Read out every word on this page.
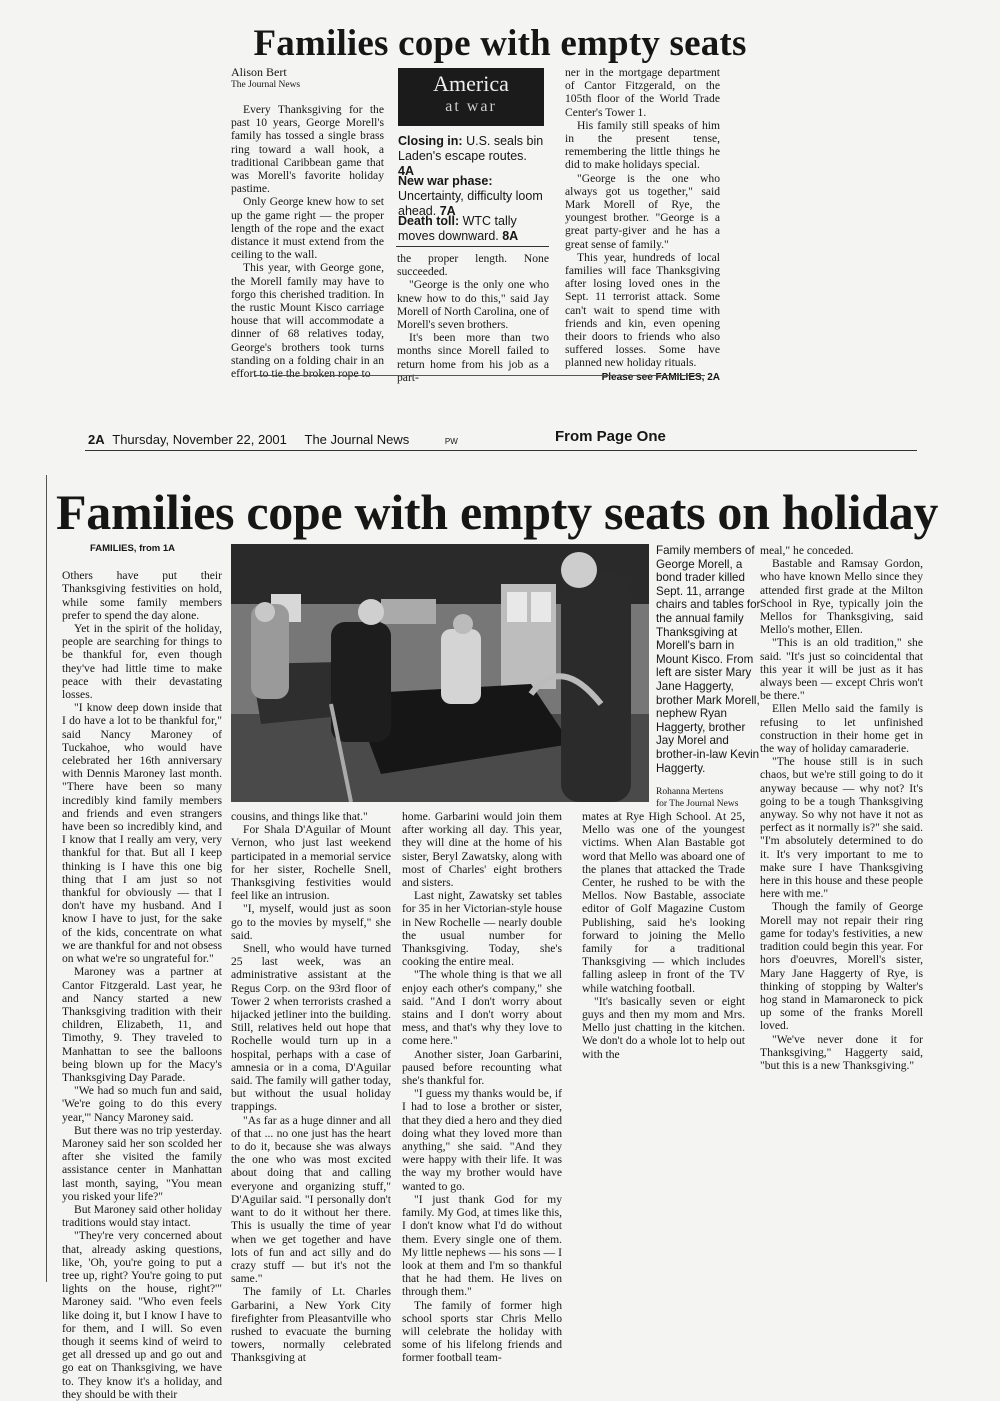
Families cope with empty seats
Alison Bert
The Journal News

Every Thanksgiving for the past 10 years, George Morell's family has tossed a single brass ring toward a wall hook, a traditional Caribbean game that was Morell's favorite holiday pastime.

Only George knew how to set up the game right — the proper length of the rope and the exact distance it must extend from the ceiling to the wall.

This year, with George gone, the Morell family may have to forgo this cherished tradition. In the rustic Mount Kisco carriage house that will accommodate a dinner of 68 relatives today, George's brothers took turns standing on a folding chair in an effort to tie the broken rope to

America
at war
Closing in: U.S. seals bin Laden's escape routes. 4A
New war phase: Uncertainty, difficulty loom ahead. 7A
Death toll: WTC tally moves downward. 8A

the proper length. None succeeded.

"George is the only one who knew how to do this," said Jay Morell of North Carolina, one of Morell's seven brothers.

It's been more than two months since Morell failed to return home from his job as a part-

ner in the mortgage department of Cantor Fitzgerald, on the 105th floor of the World Trade Center's Tower 1.

His family still speaks of him in the present tense, remembering the little things he did to make holidays special.

"George is the one who always got us together," said Mark Morell of Rye, the youngest brother. "George is a great party-giver and he has a great sense of family."

This year, hundreds of local families will face Thanksgiving after losing loved ones in the Sept. 11 terrorist attack. Some can't wait to spend time with friends and kin, even opening their doors to friends who also suffered losses. Some have planned new holiday rituals.

Please see FAMILIES, 2A
2A Thursday, November 22, 2001 The Journal News	PW	From Page One
Families cope with empty seats on holiday
FAMILIES, from 1A

Others have put their Thanksgiving festivities on hold, while some family members prefer to spend the day alone.

Yet in the spirit of the holiday, people are searching for things to be thankful for, even though they've had little time to make peace with their devastating losses.

"I know deep down inside that I do have a lot to be thankful for," said Nancy Maroney of Tuckahoe, who would have celebrated her 16th anniversary with Dennis Maroney last month. "There have been so many incredibly kind family members and friends and even strangers have been so incredibly kind, and I know that I really am very, very thankful for that. But all I keep thinking is I have this one big thing that I am just so not thankful for obviously — that I don't have my husband. And I know I have to just, for the sake of the kids, concentrate on what we are thankful for and not obsess on what we're so ungrateful for."

Maroney was a partner at Cantor Fitzgerald. Last year, he and Nancy started a new Thanksgiving tradition with their children, Elizabeth, 11, and Timothy, 9. They traveled to Manhattan to see the balloons being blown up for the Macy's Thanksgiving Day Parade.

"We had so much fun and said, 'We're going to do this every year,'" Nancy Maroney said.

But there was no trip yesterday. Maroney said her son scolded her after she visited the family assistance center in Manhattan last month, saying, "You mean you risked your life?"

But Maroney said other holiday traditions would stay intact.

"They're very concerned about that, already asking questions, like, 'Oh, you're going to put a tree up, right? You're going to put lights on the house, right?'" Maroney said. "Who even feels like doing it, but I know I have to for them, and I will. So even though it seems kind of weird to get all dressed up and go out and go eat on Thanksgiving, we have to. They know it's a holiday, and they should be with their

Family members of George Morell, a bond trader killed Sept. 11, arrange chairs and tables for the annual family Thanksgiving at Morell's barn in Mount Kisco. From left are sister Mary Jane Haggerty, brother Mark Morell, nephew Ryan Haggerty, brother Jay Morel and brother-in-law Kevin Haggerty.
Rohanna Mertens
for The Journal News

cousins, and things like that."

For Shala D'Aguilar of Mount Vernon, who just last weekend participated in a memorial service for her sister, Rochelle Snell, Thanksgiving festivities would feel like an intrusion.

"I, myself, would just as soon go to the movies by myself," she said.

Snell, who would have turned 25 last week, was an administrative assistant at the Regus Corp. on the 93rd floor of Tower 2 when terrorists crashed a hijacked jetliner into the building. Still, relatives held out hope that Rochelle would turn up in a hospital, perhaps with a case of amnesia or in a coma, D'Aguilar said. The family will gather today, but without the usual holiday trappings.

"As far as a huge dinner and all of that ... no one just has the heart to do it, because she was always the one who was most excited about doing that and calling everyone and organizing stuff," D'Aguilar said. "I personally don't want to do it without her there. This is usually the time of year when we get together and have lots of fun and act silly and do crazy stuff — but it's not the same."

The family of Lt. Charles Garbarini, a New York City firefighter from Pleasantville who rushed to evacuate the burning towers, normally celebrated Thanksgiving at

home. Garbarini would join them after working all day. This year, they will dine at the home of his sister, Beryl Zawatsky, along with most of Charles' eight brothers and sisters.

Last night, Zawatsky set tables for 35 in her Victorian-style house in New Rochelle — nearly double the usual number for Thanksgiving. Today, she's cooking the entire meal.

"The whole thing is that we all enjoy each other's company," she said. "And I don't worry about stains and I don't worry about mess, and that's why they love to come here."

Another sister, Joan Garbarini, paused before recounting what she's thankful for.

"I guess my thanks would be, if I had to lose a brother or sister, that they died a hero and they died doing what they loved more than anything," she said. "And they were happy with their life. It was the way my brother would have wanted to go.

"I just thank God for my family. My God, at times like this, I don't know what I'd do without them. Every single one of them. My little nephews — his sons — I look at them and I'm so thankful that he had them. He lives on through them."

The family of former high school sports star Chris Mello will celebrate the holiday with some of his lifelong friends and former football team-

mates at Rye High School. At 25, Mello was one of the youngest victims. When Alan Bastable got word that Mello was aboard one of the planes that attacked the Trade Center, he rushed to be with the Mellos. Now Bastable, associate editor of Golf Magazine Custom Publishing, said he's looking forward to joining the Mello family for a traditional Thanksgiving — which includes falling asleep in front of the TV while watching football.

"It's basically seven or eight guys and then my mom and Mrs. Mello just chatting in the kitchen. We don't do a whole lot to help out with the

meal," he conceded.

Bastable and Ramsay Gordon, who have known Mello since they attended first grade at the Milton School in Rye, typically join the Mellos for Thanksgiving, said Mello's mother, Ellen.

"This is an old tradition," she said. "It's just so coincidental that this year it will be just as it has always been — except Chris won't be there."

Ellen Mello said the family is refusing to let unfinished construction in their home get in the way of holiday camaraderie.

"The house still is in such chaos, but we're still going to do it anyway because — why not? It's going to be a tough Thanksgiving anyway. So why not have it not as perfect as it normally is?" she said. "I'm absolutely determined to do it. It's very important to me to make sure I have Thanksgiving here in this house and these people here with me."

Though the family of George Morell may not repair their ring game for today's festivities, a new tradition could begin this year. For hors d'oeuvres, Morell's sister, Mary Jane Haggerty of Rye, is thinking of stopping by Walter's hog stand in Mamaroneck to pick up some of the franks Morell loved.

"We've never done it for Thanksgiving," Haggerty said, "but this is a new Thanksgiving."
